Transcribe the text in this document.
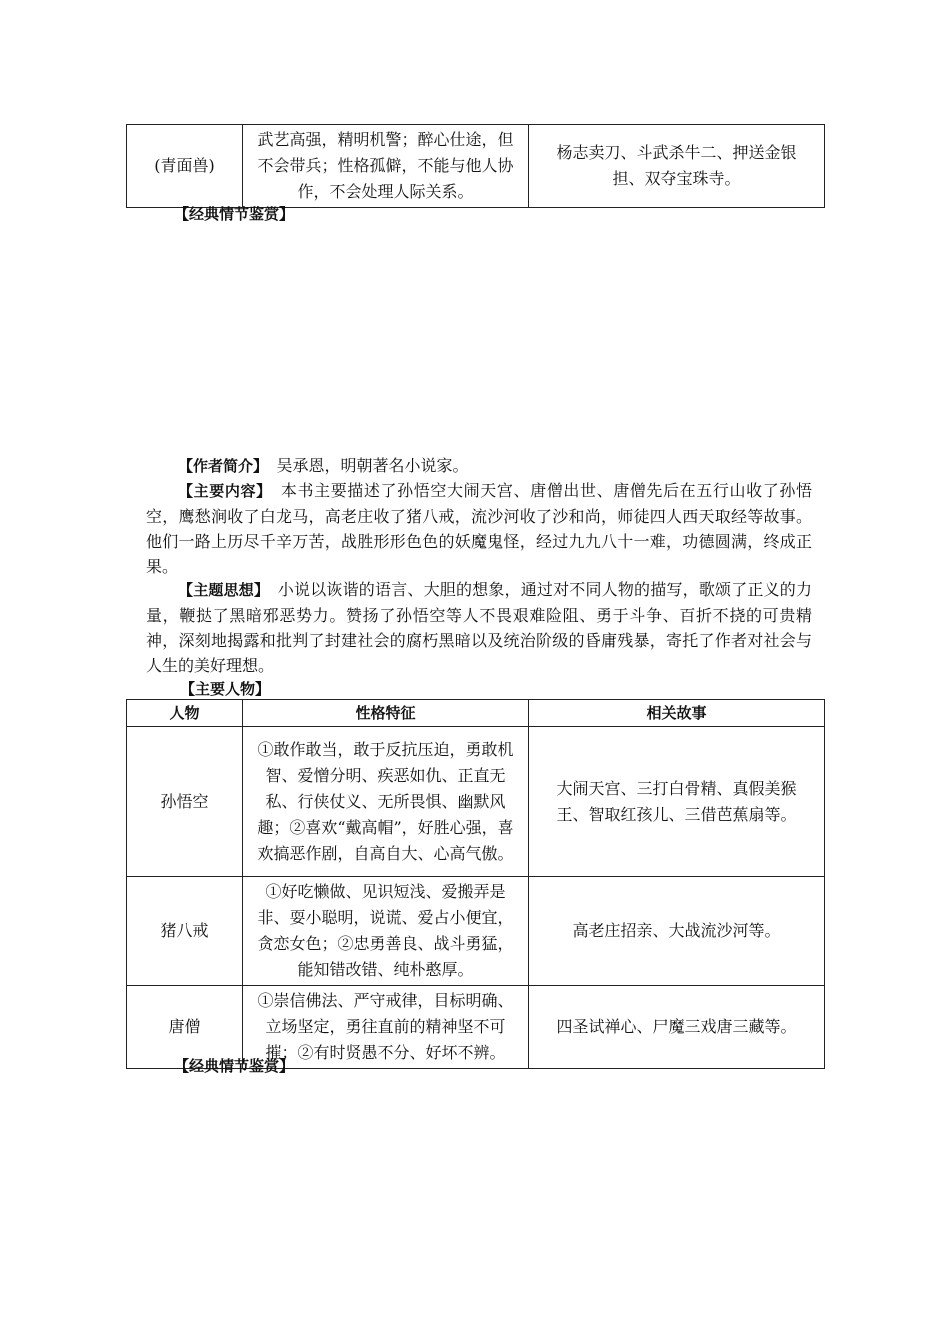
(青面兽)	武艺高强，精明机警；醉心仕途，但不会带兵；性格孤僻，不能与他人协作，不会处理人际关系。	杨志卖刀、斗武杀牛二、押送金银担、双夺宝珠寺。
【经典情节鉴赏】

【作者简介】　吴承恩，明朝著名小说家。

【主要内容】　本书主要描述了孙悟空大闹天宫、唐僧出世、唐僧先后在五行山收了孙悟空，鹰愁涧收了白龙马，高老庄收了猪八戒，流沙河收了沙和尚，师徒四人西天取经等故事。他们一路上历尽千辛万苦，战胜形形色色的妖魔鬼怪，经过九九八十一难，功德圆满，终成正果。

【主题思想】　小说以诙谐的语言、大胆的想象，通过对不同人物的描写，歌颂了正义的力量，鞭挞了黑暗邪恶势力。赞扬了孙悟空等人不畏艰难险阻、勇于斗争、百折不挠的可贵精神，深刻地揭露和批判了封建社会的腐朽黑暗以及统治阶级的昏庸残暴，寄托了作者对社会与人生的美好理想。

【主要人物】
人物	性格特征	相关故事
孙悟空	①敢作敢当，敢于反抗压迫，勇敢机智、爱憎分明、疾恶如仇、正直无私、行侠仗义、无所畏惧、幽默风趣；②喜欢“戴高帽”，好胜心强，喜欢搞恶作剧，自高自大、心高气傲。	大闹天宫、三打白骨精、真假美猴王、智取红孩儿、三借芭蕉扇等。
猪八戒	①好吃懒做、见识短浅、爱搬弄是非、耍小聪明，说谎、爱占小便宜，贪恋女色；②忠勇善良、战斗勇猛，能知错改错、纯朴憨厚。	高老庄招亲、大战流沙河等。
唐僧	①崇信佛法、严守戒律，目标明确、立场坚定，勇往直前的精神坚不可摧；②有时贤愚不分、好坏不辨。	四圣试禅心、尸魔三戏唐三藏等。
【经典情节鉴赏】
